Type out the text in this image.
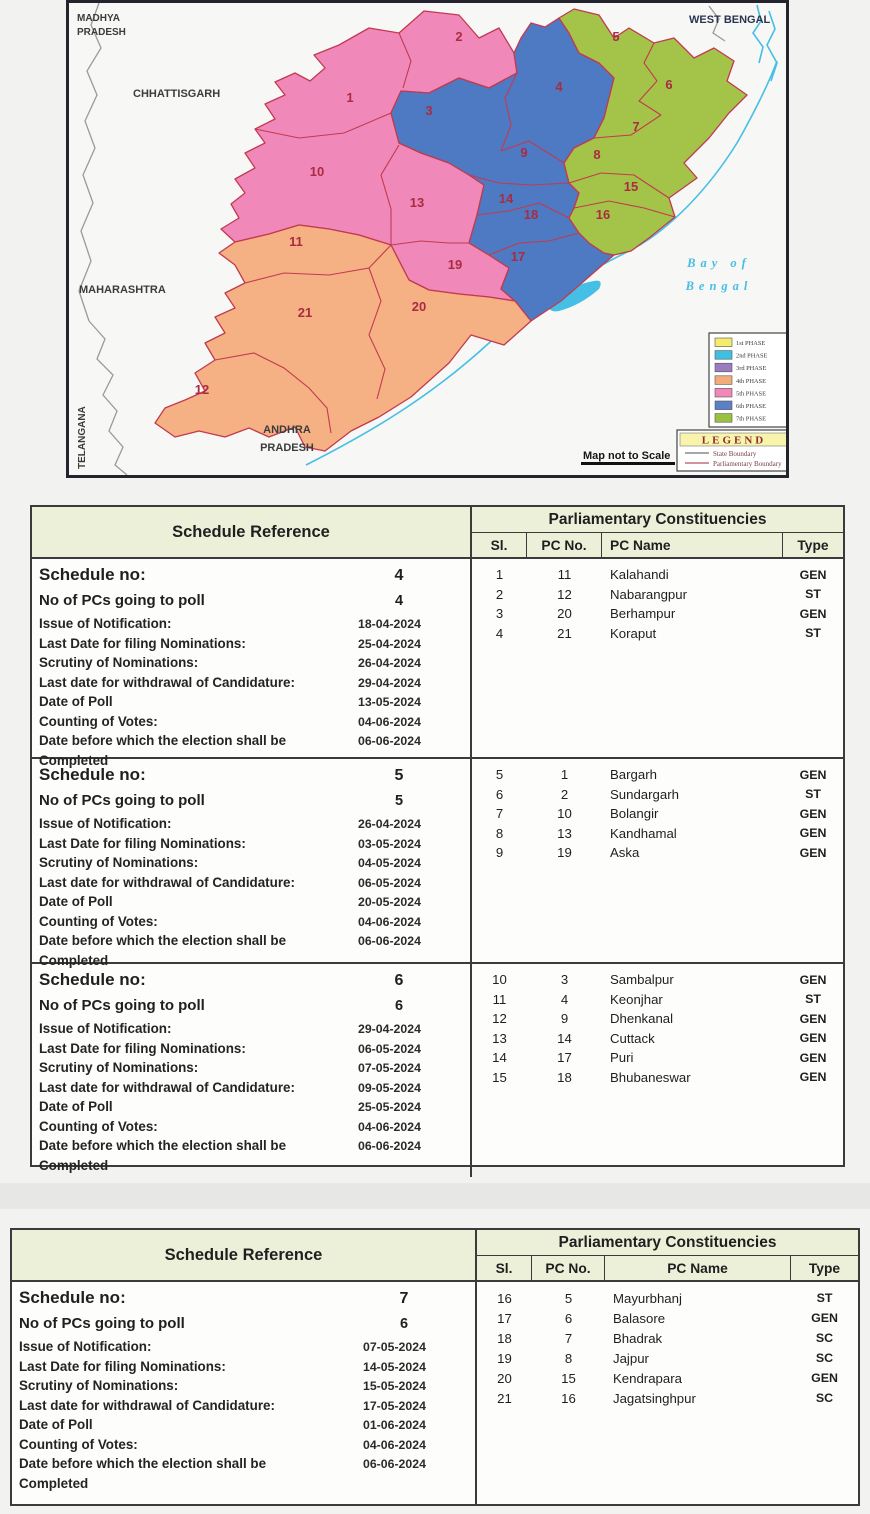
1
2
3
4
5
6
7
8
9
10
11
12
13	14
15
16
17
18
19
20
21
MADHYA
PRADESH
CHHATTISGARH
MAHARASHTRA
TELANGANA	ANDHRA
PRADESH
WEST BENGAL
Bay of
Bengal
1st PHASE
2nd PHASE
3rd PHASE
4th PHASE
5th PHASE
6th PHASE
7th PHASE
LEGEND
State Boundary
Parliamentary Boundary
Map not to Scale
Schedule Reference
Parliamentary Constituencies
Sl.	PC No.	PC Name	Type
Schedule no:	4
No of PCs going to poll	4
Issue of Notification:	18-04-2024
Last Date for filing Nominations:	25-04-2024
Scrutiny of Nominations:	26-04-2024
Last date for withdrawal of Candidature:	29-04-2024
Date of Poll	13-05-2024
Counting of Votes:	04-06-2024
Date before which the election shall be	06-06-2024
Completed
1	11	Kalahandi	GEN
2	12	Nabarangpur	ST
3	20	Berhampur	GEN
4	21	Koraput	ST
Schedule no:	5
No of PCs going to poll	5
Issue of Notification:	26-04-2024
Last Date for filing Nominations:	03-05-2024
Scrutiny of Nominations:	04-05-2024
Last date for withdrawal of Candidature:	06-05-2024
Date of Poll	20-05-2024
Counting of Votes:	04-06-2024
Date before which the election shall be	06-06-2024
Completed
5	1	Bargarh	GEN
6	2	Sundargarh	ST
7	10	Bolangir	GEN
8	13	Kandhamal	GEN
9	19	Aska	GEN
Schedule no:	6
No of PCs going to poll	6
Issue of Notification:	29-04-2024
Last Date for filing Nominations:	06-05-2024
Scrutiny of Nominations:	07-05-2024
Last date for withdrawal of Candidature:	09-05-2024
Date of Poll	25-05-2024
Counting of Votes:	04-06-2024
Date before which the election shall be	06-06-2024
Completed
10	3	Sambalpur	GEN
11	4	Keonjhar	ST
12	9	Dhenkanal	GEN
13	14	Cuttack	GEN
14	17	Puri	GEN
15	18	Bhubaneswar	GEN
Schedule Reference
Parliamentary Constituencies
Sl.	PC No.	PC Name	Type
Schedule no:	7
No of PCs going to poll	6
Issue of Notification:	07-05-2024
Last Date for filing Nominations:	14-05-2024
Scrutiny of Nominations:	15-05-2024
Last date for withdrawal of Candidature:	17-05-2024
Date of Poll	01-06-2024
Counting of Votes:	04-06-2024
Date before which the election shall be	06-06-2024
Completed
16	5	Mayurbhanj	ST
17	6	Balasore	GEN
18	7	Bhadrak	SC
19	8	Jajpur	SC
20	15	Kendrapara	GEN
21	16	Jagatsinghpur	SC
